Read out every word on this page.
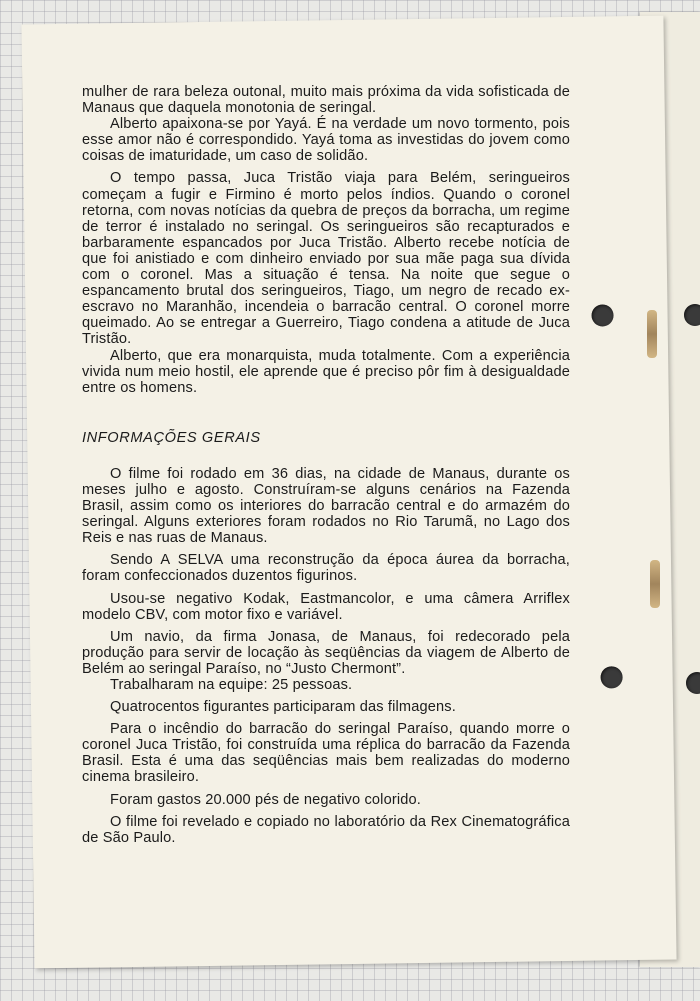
mulher de rara beleza outonal, muito mais próxima da vida sofisticada de Manaus que daquela monotonia de seringal.

Alberto apaixona-se por Yayá. É na verdade um novo tormento, pois esse amor não é correspondido. Yayá toma as investidas do jovem como coisas de imaturidade, um caso de solidão.

O tempo passa, Juca Tristão viaja para Belém, seringueiros começam a fugir e Firmino é morto pelos índios. Quando o coronel retorna, com novas notícias da quebra de preços da borracha, um regime de terror é instalado no seringal. Os seringueiros são recapturados e barbaramente espancados por Juca Tristão. Alberto recebe notícia de que foi anistiado e com dinheiro enviado por sua mãe paga sua dívida com o coronel. Mas a situação é tensa. Na noite que segue o espancamento brutal dos seringueiros, Tiago, um negro de recado ex-escravo no Maranhão, incendeia o barracão central. O coronel morre queimado. Ao se entregar a Guerreiro, Tiago condena a atitude de Juca Tristão.

Alberto, que era monarquista, muda totalmente. Com a experiência vivida num meio hostil, ele aprende que é preciso pôr fim à desigualdade entre os homens.

INFORMAÇÕES GERAIS

O filme foi rodado em 36 dias, na cidade de Manaus, durante os meses julho e agosto. Construíram-se alguns cenários na Fazenda Brasil, assim como os interiores do barracão central e do armazém do seringal. Alguns exteriores foram rodados no Rio Tarumã, no Lago dos Reis e nas ruas de Manaus.

Sendo A SELVA uma reconstrução da época áurea da borracha, foram confeccionados duzentos figurinos.

Usou-se negativo Kodak, Eastmancolor, e uma câmera Arriflex modelo CBV, com motor fixo e variável.

Um navio, da firma Jonasa, de Manaus, foi redecorado pela produção para servir de locação às seqüências da viagem de Alberto de Belém ao seringal Paraíso, no “Justo Chermont”.

Trabalharam na equipe: 25 pessoas.

Quatrocentos figurantes participaram das filmagens.

Para o incêndio do barracão do seringal Paraíso, quando morre o coronel Juca Tristão, foi construída uma réplica do barracão da Fazenda Brasil. Esta é uma das seqüências mais bem realizadas do moderno cinema brasileiro.

Foram gastos 20.000 pés de negativo colorido.

O filme foi revelado e copiado no laboratório da Rex Cinematográfica de São Paulo.
